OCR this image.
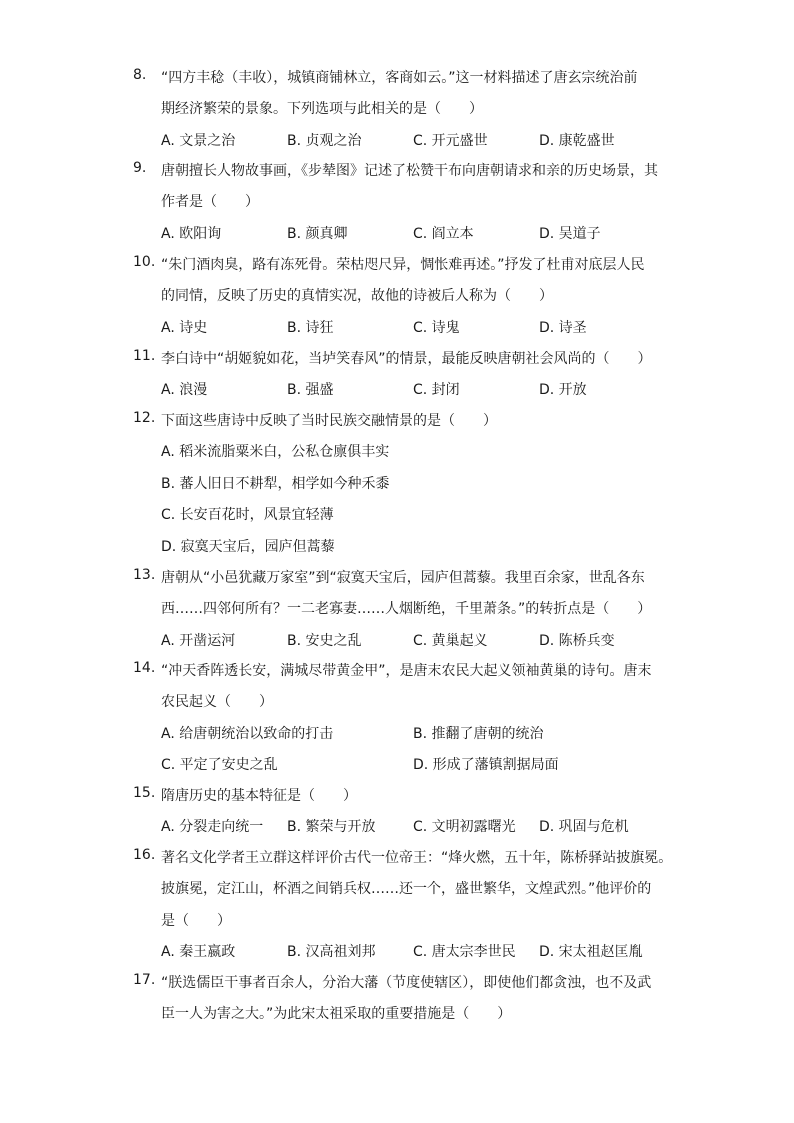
8.	“四方丰稔（丰收），城镇商铺林立，客商如云。”这一材料描述了唐玄宗统治前
期经济繁荣的景象。下列选项与此相关的是（　　）
A. 文景之治	B. 贞观之治	C. 开元盛世	D. 康乾盛世
9.	唐朝擅长人物故事画，《步辇图》记述了松赞干布向唐朝请求和亲的历史场景，其
作者是（　　）
A. 欧阳询	B. 颜真卿	C. 阎立本	D. 吴道子
10. “朱门酒肉臭，路有冻死骨。荣枯咫尺异，惆怅难再述。”抒发了杜甫对底层人民
的同情，反映了历史的真情实况，故他的诗被后人称为（　　）
A. 诗史	B. 诗狂	C. 诗鬼	D. 诗圣
11. 李白诗中“胡姬貌如花，当垆笑春风”的情景，最能反映唐朝社会风尚的（　　）
A. 浪漫	B. 强盛	C. 封闭	D. 开放
12. 下面这些唐诗中反映了当时民族交融情景的是（　　）
A. 稻米流脂粟米白，公私仓廪俱丰实
B. 蕃人旧日不耕犁，相学如今种禾黍
C. 长安百花时，风景宜轻薄
D. 寂寞天宝后，园庐但蒿藜
13. 唐朝从“小邑犹藏万家室”到“寂寞天宝后，园庐但蒿藜。我里百余家，世乱各东
西……四邻何所有？一二老寡妻……人烟断绝，千里萧条。”的转折点是（　　）
A. 开凿运河	B. 安史之乱	C. 黄巢起义	D. 陈桥兵变
14. “冲天香阵透长安，满城尽带黄金甲”，是唐末农民大起义领袖黄巢的诗句。唐末
农民起义（　　）
A. 给唐朝统治以致命的打击	B. 推翻了唐朝的统治
C. 平定了安史之乱	D. 形成了藩镇割据局面
15. 隋唐历史的基本特征是（　　）
A. 分裂走向统一 B. 繁荣与开放	C. 文明初露曙光 D. 巩固与危机
16. 著名文化学者王立群这样评价古代一位帝王：“烽火燃，五十年，陈桥驿站披旗冕。
披旗冕，定江山，杯酒之间销兵权……还一个，盛世繁华，文煌武烈。”他评价的
是（　　）
A. 秦王嬴政	B. 汉高祖刘邦	C. 唐太宗李世民 D. 宋太祖赵匡胤
17. “朕选儒臣干事者百余人，分治大藩（节度使辖区），即使他们都贪浊，也不及武
臣一人为害之大。”为此宋太祖采取的重要措施是（　　）
